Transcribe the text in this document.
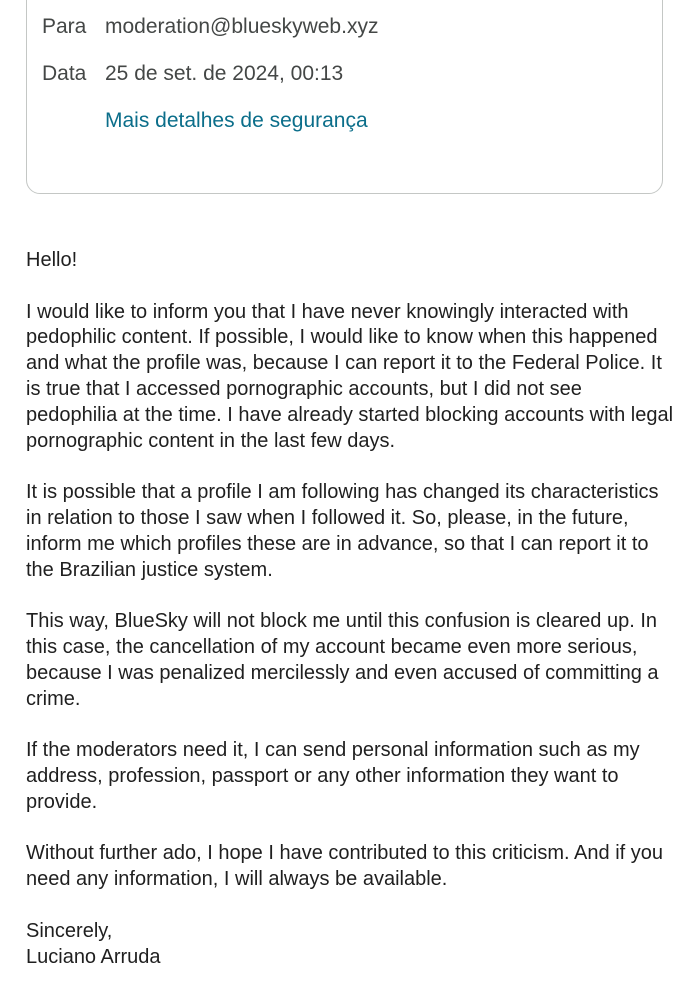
Para moderation@blueskyweb.xyz
Data 25 de set. de 2024, 00:13
Mais detalhes de segurança

Hello!

I would like to inform you that I have never knowingly interacted with pedophilic content. If possible, I would like to know when this happened and what the profile was, because I can report it to the Federal Police. It is true that I accessed pornographic accounts, but I did not see pedophilia at the time. I have already started blocking accounts with legal pornographic content in the last few days.

It is possible that a profile I am following has changed its characteristics in relation to those I saw when I followed it. So, please, in the future, inform me which profiles these are in advance, so that I can report it to the Brazilian justice system.

This way, BlueSky will not block me until this confusion is cleared up. In this case, the cancellation of my account became even more serious, because I was penalized mercilessly and even accused of committing a crime.

If the moderators need it, I can send personal information such as my address, profession, passport or any other information they want to provide.

Without further ado, I hope I have contributed to this criticism. And if you need any information, I will always be available.

Sincerely,

Luciano Arruda
